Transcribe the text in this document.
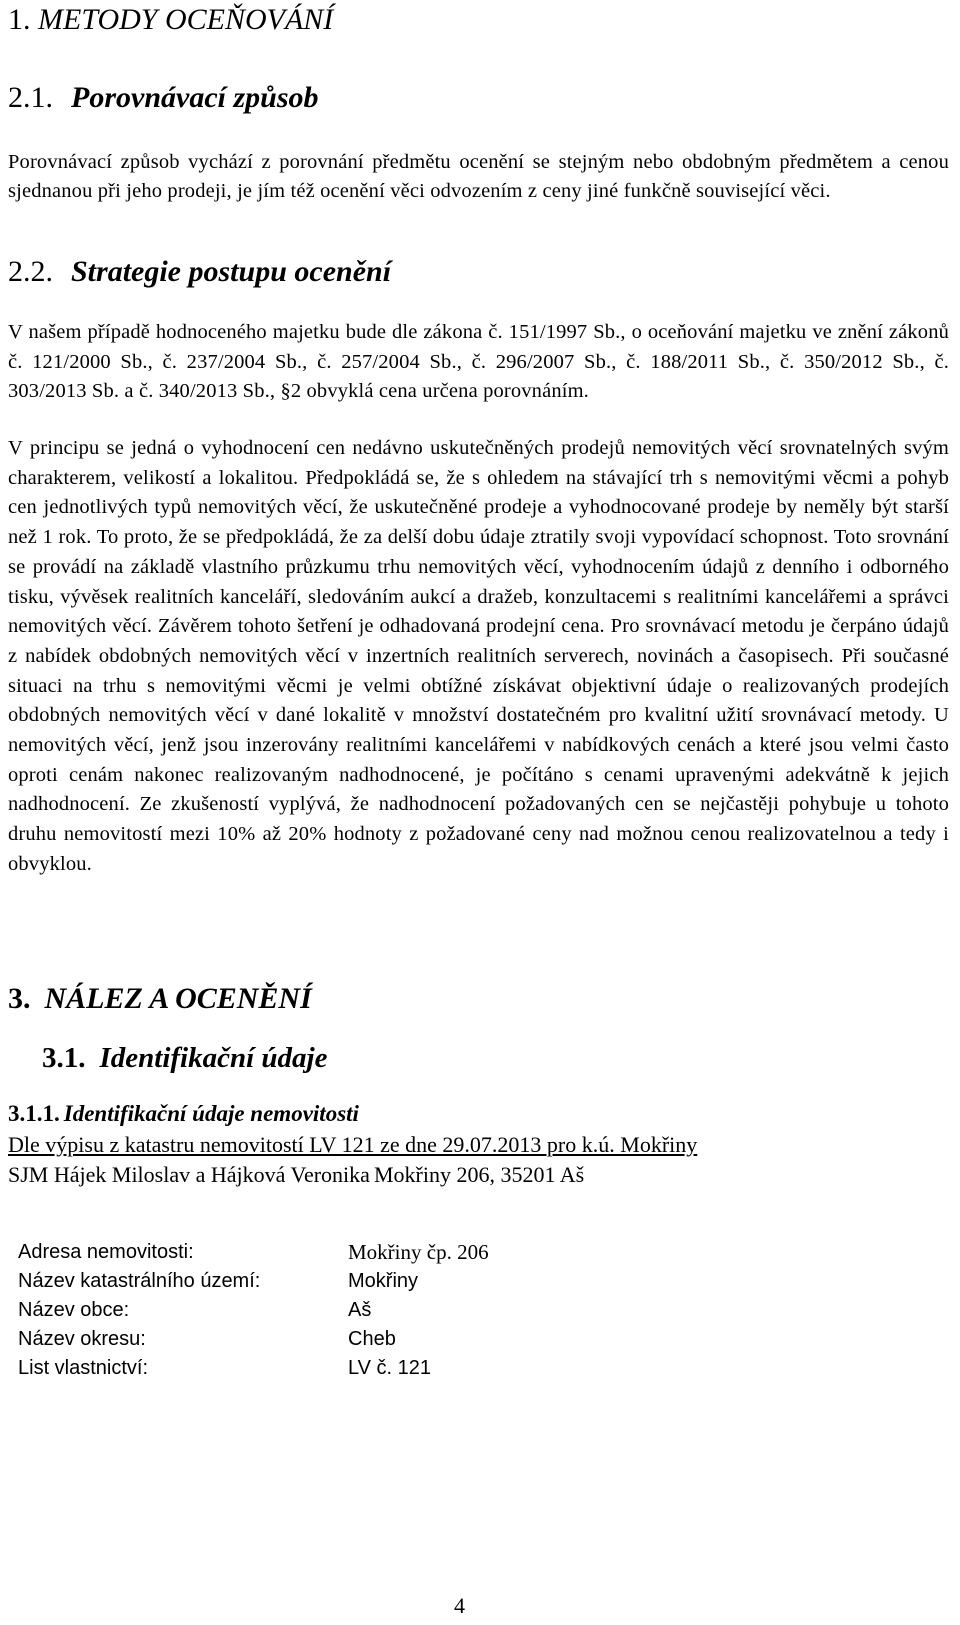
1. METODY OCEŇOVÁNÍ
2.1. Porovnávací způsob

Porovnávací způsob vychází z porovnání předmětu ocenění se stejným nebo obdobným předmětem a cenou sjednanou při jeho prodeji, je jím též ocenění věci odvozením z ceny jiné funkčně související věci.

2.2. Strategie postupu ocenění

V našem případě hodnoceného majetku bude dle zákona č. 151/1997 Sb., o oceňování majetku ve znění zákonů č. 121/2000 Sb., č. 237/2004 Sb., č. 257/2004 Sb., č. 296/2007 Sb., č. 188/2011 Sb., č. 350/2012 Sb., č. 303/2013 Sb. a č. 340/2013 Sb., §2 obvyklá cena určena porovnáním.

V principu se jedná o vyhodnocení cen nedávno uskutečněných prodejů nemovitých věcí srovnatelných svým charakterem, velikostí a lokalitou. Předpokládá se, že s ohledem na stávající trh s nemovitými věcmi a pohyb cen jednotlivých typů nemovitých věcí, že uskutečněné prodeje a vyhodnocované prodeje by neměly být starší než 1 rok. To proto, že se předpokládá, že za delší dobu údaje ztratily svoji vypovídací schopnost. Toto srovnání se provádí na základě vlastního průzkumu trhu nemovitých věcí, vyhodnocením údajů z denního i odborného tisku, vývěsek realitních kanceláří, sledováním aukcí a dražeb, konzultacemi s realitními kancelářemi a správci nemovitých věcí. Závěrem tohoto šetření je odhadovaná prodejní cena. Pro srovnávací metodu je čerpáno údajů z nabídek obdobných nemovitých věcí v inzertních realitních serverech, novinách a časopisech. Při současné situaci na trhu s nemovitými věcmi je velmi obtížné získávat objektivní údaje o realizovaných prodejích obdobných nemovitých věcí v dané lokalitě v množství dostatečném pro kvalitní užití srovnávací metody. U nemovitých věcí, jenž jsou inzerovány realitními kancelářemi v nabídkových cenách a které jsou velmi často oproti cenám nakonec realizovaným nadhodnocené, je počítáno s cenami upravenými adekvátně k jejich nadhodnocení. Ze zkušeností vyplývá, že nadhodnocení požadovaných cen se nejčastěji pohybuje u tohoto druhu nemovitostí mezi 10% až 20% hodnoty z požadované ceny nad možnou cenou realizovatelnou a tedy i obvyklou.

3. NÁLEZ A OCENĚNÍ
3.1. Identifikační údaje
3.1.1. Identifikační údaje nemovitosti

Dle výpisu z katastru nemovitostí LV 121 ze dne 29.07.2013 pro k.ú. Mokřiny

SJM Hájek Miloslav a Hájková Veronika Mokřiny 206, 35201 Aš

Adresa nemovitosti:	Mokřiny čp. 206
Název katastrálního území:	Mokřiny
Název obce:	Aš
Název okresu:	Cheb
List vlastnictví:	LV č. 121
4
